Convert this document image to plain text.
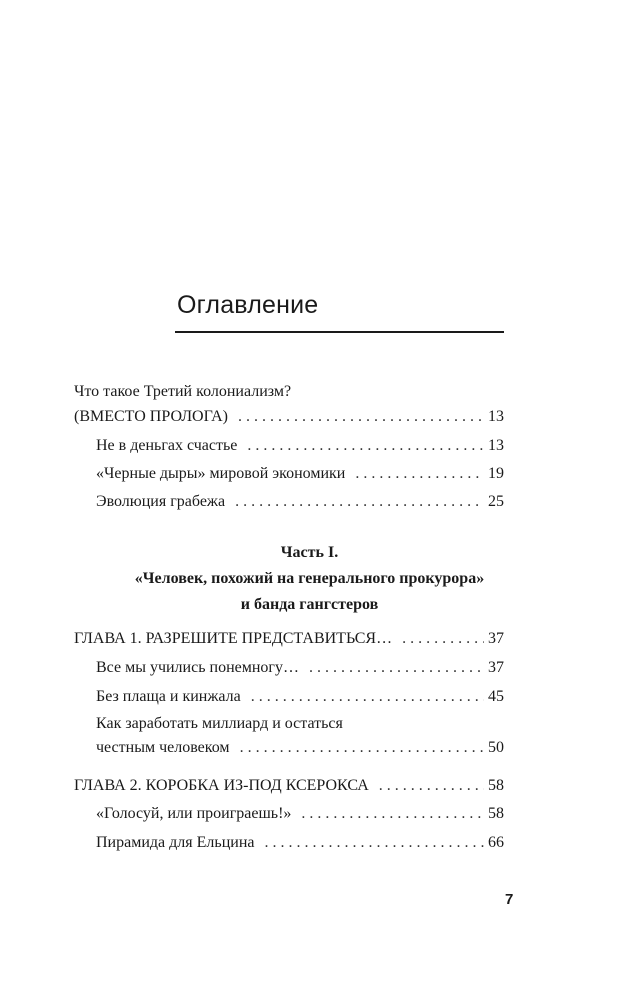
Оглавление
Что такое Третий колониализм?
(ВМЕСТО ПРОЛОГА) . . .	13
Не в деньгах счастье . . .	13
«Черные дыры» мировой экономики . . .	19
Эволюция грабежа . . .	25
Часть I.
«Человек, похожий на генерального прокурора»
и банда гангстеров
ГЛАВА 1. РАЗРЕШИТЕ ПРЕДСТАВИТЬСЯ… . . .	37
Все мы учились понемногу… . . .	37
Без плаща и кинжала . . .	45
Как заработать миллиард и остаться
честным человеком . . .	50
ГЛАВА 2. КОРОБКА ИЗ-ПОД КСЕРОКСА . . .	58
«Голосуй, или проиграешь!» . . .	58
Пирамида для Ельцина . . .	66
7
